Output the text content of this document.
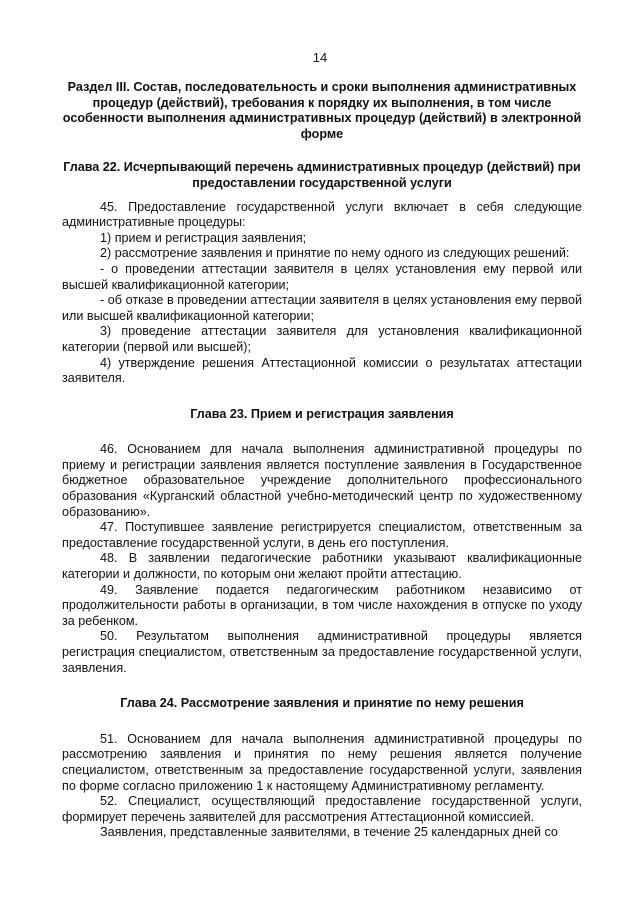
14

Раздел III. Состав, последовательность и сроки выполнения административных процедур (действий), требования к порядку их выполнения, в том числе особенности выполнения административных процедур (действий) в электронной форме

Глава 22. Исчерпывающий перечень административных процедур (действий) при предоставлении государственной услуги

45. Предоставление государственной услуги включает в себя следующие административные процедуры:

1) прием и регистрация заявления;

2) рассмотрение заявления и принятие по нему одного из следующих решений:

- о проведении аттестации заявителя в целях установления ему первой или высшей квалификационной категории;

- об отказе в проведении аттестации заявителя в целях установления ему первой или высшей квалификационной категории;

3) проведение аттестации заявителя для установления квалификационной категории (первой или высшей);

4) утверждение решения Аттестационной комиссии о результатах аттестации заявителя.

Глава 23. Прием и регистрация заявления

46. Основанием для начала выполнения административной процедуры по приему и регистрации заявления является поступление заявления в Государственное бюджетное образовательное учреждение дополнительного профессионального образования «Курганский областной учебно-методический центр по художественному образованию».

47. Поступившее заявление регистрируется специалистом, ответственным за предоставление государственной услуги, в день его поступления.

48. В заявлении педагогические работники указывают квалификационные категории и должности, по которым они желают пройти аттестацию.

49. Заявление подается педагогическим работником независимо от продолжительности работы в организации, в том числе нахождения в отпуске по уходу за ребенком.

50. Результатом выполнения административной процедуры является регистрация специалистом, ответственным за предоставление государственной услуги, заявления.

Глава 24. Рассмотрение заявления и принятие по нему решения

51. Основанием для начала выполнения административной процедуры по рассмотрению заявления и принятия по нему решения является получение специалистом, ответственным за предоставление государственной услуги, заявления по форме согласно приложению 1 к настоящему Административному регламенту.

52. Специалист, осуществляющий предоставление государственной услуги, формирует перечень заявителей для рассмотрения Аттестационной комиссией.

Заявления, представленные заявителями, в течение 25 календарных дней со
